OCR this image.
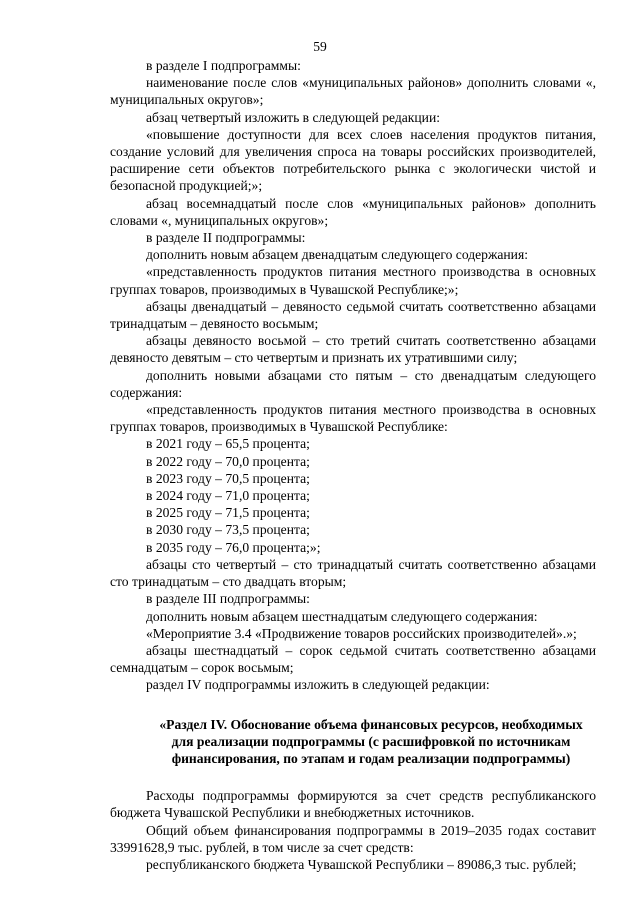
59

в разделе I подпрограммы:

наименование после слов «муниципальных районов» дополнить словами «, муниципальных округов»;

абзац четвертый изложить в следующей редакции:

«повышение доступности для всех слоев населения продуктов питания, создание условий для увеличения спроса на товары российских производителей, расширение сети объектов потребительского рынка с экологически чистой и безопасной продукцией;»;

абзац восемнадцатый после слов «муниципальных районов» дополнить словами «, муниципальных округов»;

в разделе II подпрограммы:

дополнить новым абзацем двенадцатым следующего содержания:

«представленность продуктов питания местного производства в основных группах товаров, производимых в Чувашской Республике;»;

абзацы двенадцатый – девяносто седьмой считать соответственно абзацами тринадцатым – девяносто восьмым;

абзацы девяносто восьмой – сто третий считать соответственно абзацами девяносто девятым – сто четвертым и признать их утратившими силу;

дополнить новыми абзацами сто пятым – сто двенадцатым следующего содержания:

«представленность продуктов питания местного производства в основных группах товаров, производимых в Чувашской Республике:

в 2021 году – 65,5 процента;

в 2022 году – 70,0 процента;

в 2023 году – 70,5 процента;

в 2024 году – 71,0 процента;

в 2025 году – 71,5 процента;

в 2030 году – 73,5 процента;

в 2035 году – 76,0 процента;»;

абзацы сто четвертый – сто тринадцатый считать соответственно абзацами сто тринадцатым – сто двадцать вторым;

в разделе III подпрограммы:

дополнить новым абзацем шестнадцатым следующего содержания:

«Мероприятие 3.4 «Продвижение товаров российских производителей».»;

абзацы шестнадцатый – сорок седьмой считать соответственно абзацами семнадцатым – сорок восьмым;

раздел IV подпрограммы изложить в следующей редакции:

«Раздел IV. Обоснование объема финансовых ресурсов, необходимых
для реализации подпрограммы (с расшифровкой по источникам
финансирования, по этапам и годам реализации подпрограммы)

Расходы подпрограммы формируются за счет средств республиканского бюджета Чувашской Республики и внебюджетных источников.

Общий объем финансирования подпрограммы в 2019–2035 годах составит 33991628,9 тыс. рублей, в том числе за счет средств:

республиканского бюджета Чувашской Республики – 89086,3 тыс. рублей;
